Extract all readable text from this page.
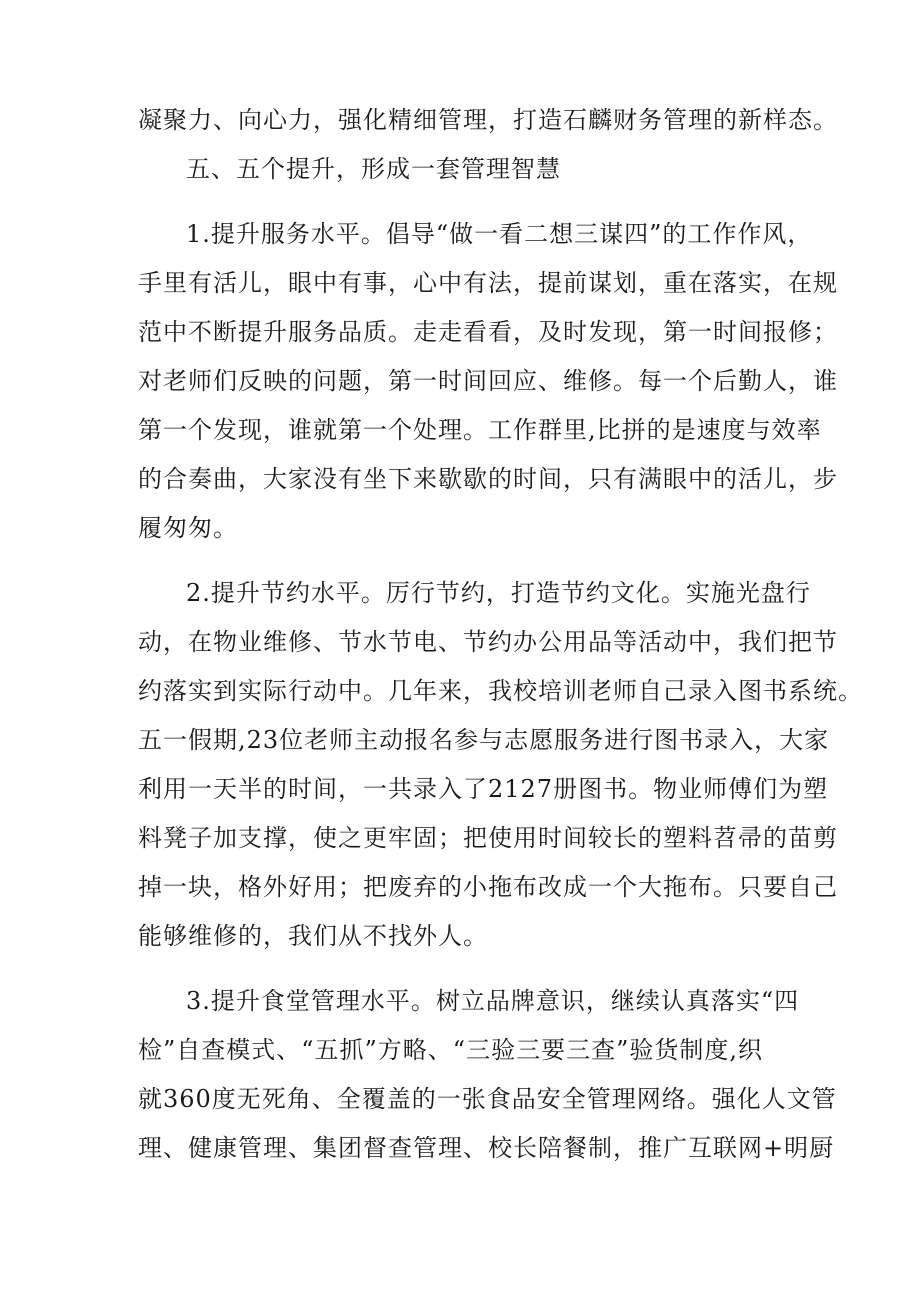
凝聚力、向心力，强化精细管理，打造石麟财务管理的新样态。
五、五个提升，形成一套管理智慧
1.提升服务水平。倡导“做一看二想三谋四”的工作作风，
手里有活儿，眼中有事，心中有法，提前谋划，重在落实，在规
范中不断提升服务品质。走走看看，及时发现，第一时间报修；
对老师们反映的问题，第一时间回应、维修。每一个后勤人，谁
第一个发现，谁就第一个处理。工作群里,比拼的是速度与效率
的合奏曲，大家没有坐下来歇歇的时间，只有满眼中的活儿，步
履匆匆。
2.提升节约水平。厉行节约，打造节约文化。实施光盘行
动，在物业维修、节水节电、节约办公用品等活动中，我们把节
约落实到实际行动中。几年来，我校培训老师自己录入图书系统。
五一假期,23位老师主动报名参与志愿服务进行图书录入，大家
利用一天半的时间，一共录入了2127册图书。物业师傅们为塑
料凳子加支撑，使之更牢固；把使用时间较长的塑料苕帚的苗剪
掉一块，格外好用；把废弃的小拖布改成一个大拖布。只要自己
能够维修的，我们从不找外人。
3.提升食堂管理水平。树立品牌意识，继续认真落实“四
检”自查模式、“五抓”方略、“三验三要三查”验货制度,织
就360度无死角、全覆盖的一张食品安全管理网络。强化人文管
理、健康管理、集团督查管理、校长陪餐制，推广互联网+明厨
